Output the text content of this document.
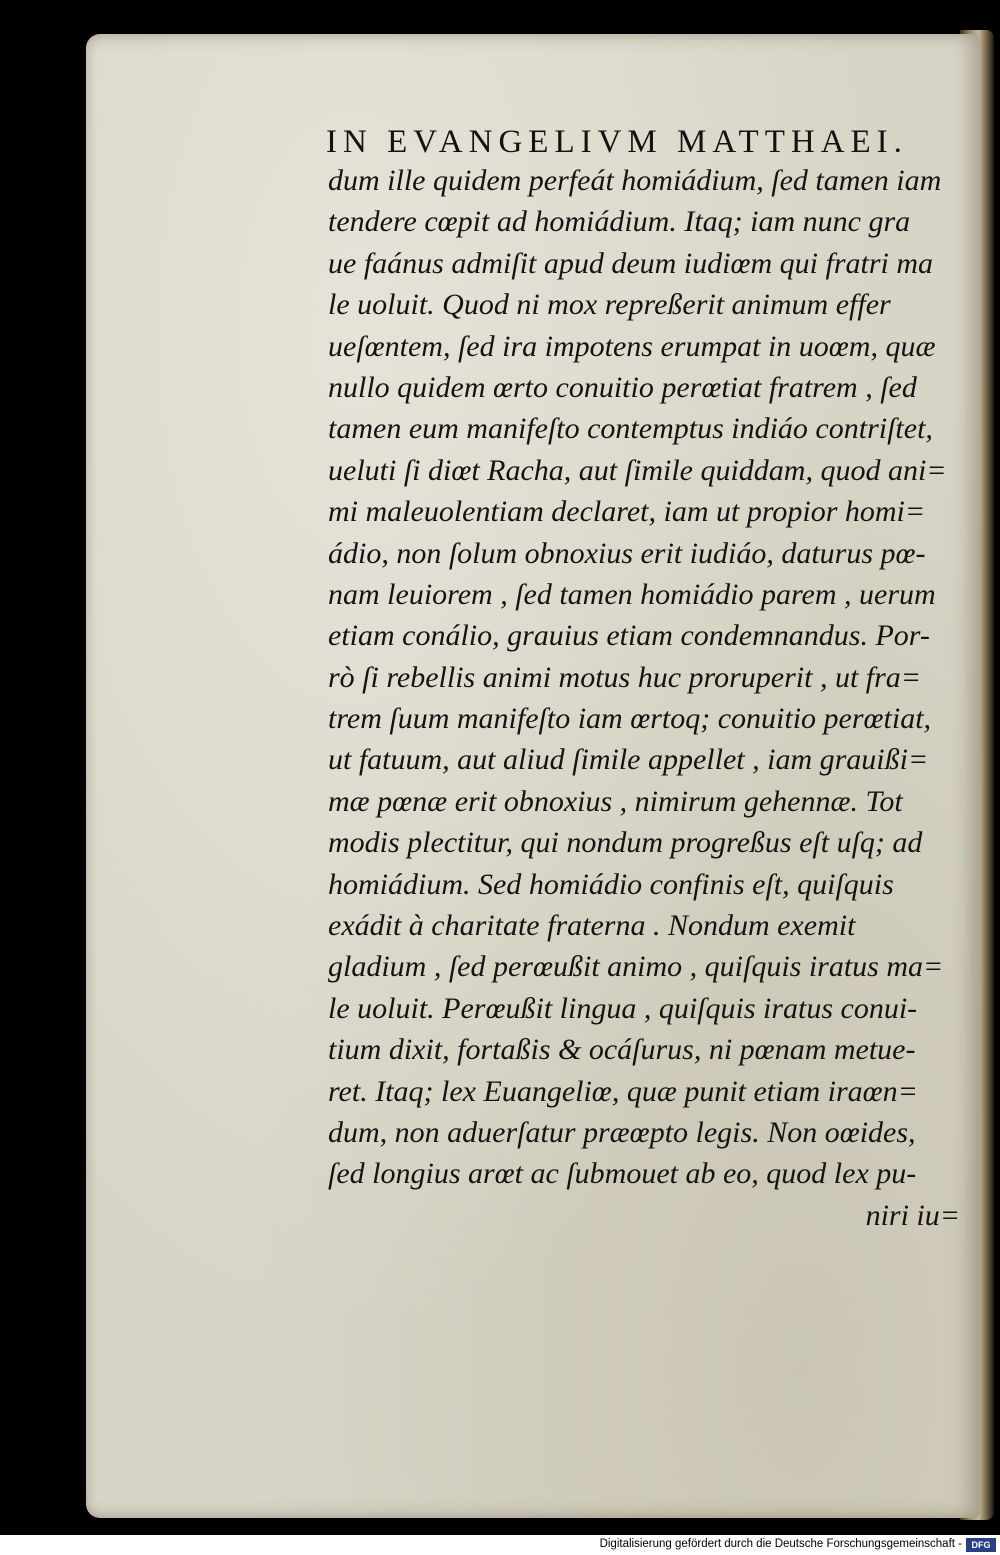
IN EVANGELIVM MATTHAEI.
dum ille quidem perfeát homiádium, ſed tamen iam
tendere cœpit ad homiádium. Itaq; iam nunc gra
ue faánus admiſit apud deum iudiœm qui fratri ma
le uoluit. Quod ni mox repreßerit animum effer
ueſœntem, ſed ira impotens erumpat in uoœm, quæ
nullo quidem œrto conuitio perœtiat fratrem , ſed
tamen eum manifeſto contemptus indiáo contriſtet,
ueluti ſi diœt Racha, aut ſimile quiddam, quod ani=
mi maleuolentiam declaret, iam ut propior homi=
ádio, non ſolum obnoxius erit iudiáo, daturus pœ-
nam leuiorem , ſed tamen homiádio parem , uerum
etiam conálio, grauius etiam condemnandus. Por-
rò ſi rebellis animi motus huc proruperit , ut fra=
trem ſuum manifeſto iam œrtoq; conuitio perœtiat,
ut fatuum, aut aliud ſimile appellet , iam grauißi=
mæ pœnæ erit obnoxius , nimirum gehennæ. Tot
modis plectitur, qui nondum progreßus eſt uſq; ad
homiádium. Sed homiádio confinis eſt, quiſquis
exádit à charitate fraterna . Nondum exemit
gladium , ſed perœußit animo , quiſquis iratus ma=
le uoluit. Perœußit lingua , quiſquis iratus conui-
tium dixit, fortaßis & ocáſurus, ni pœnam metue-
ret. Itaq; lex Euangeliœ, quæ punit etiam iraœn=
dum, non aduerſatur præœpto legis. Non oœides,
ſed longius arœt ac ſubmouet ab eo, quod lex pu-
niri iu=
Digitalisierung gefördert durch die Deutsche Forschungsgemeinschaft -	DFG
